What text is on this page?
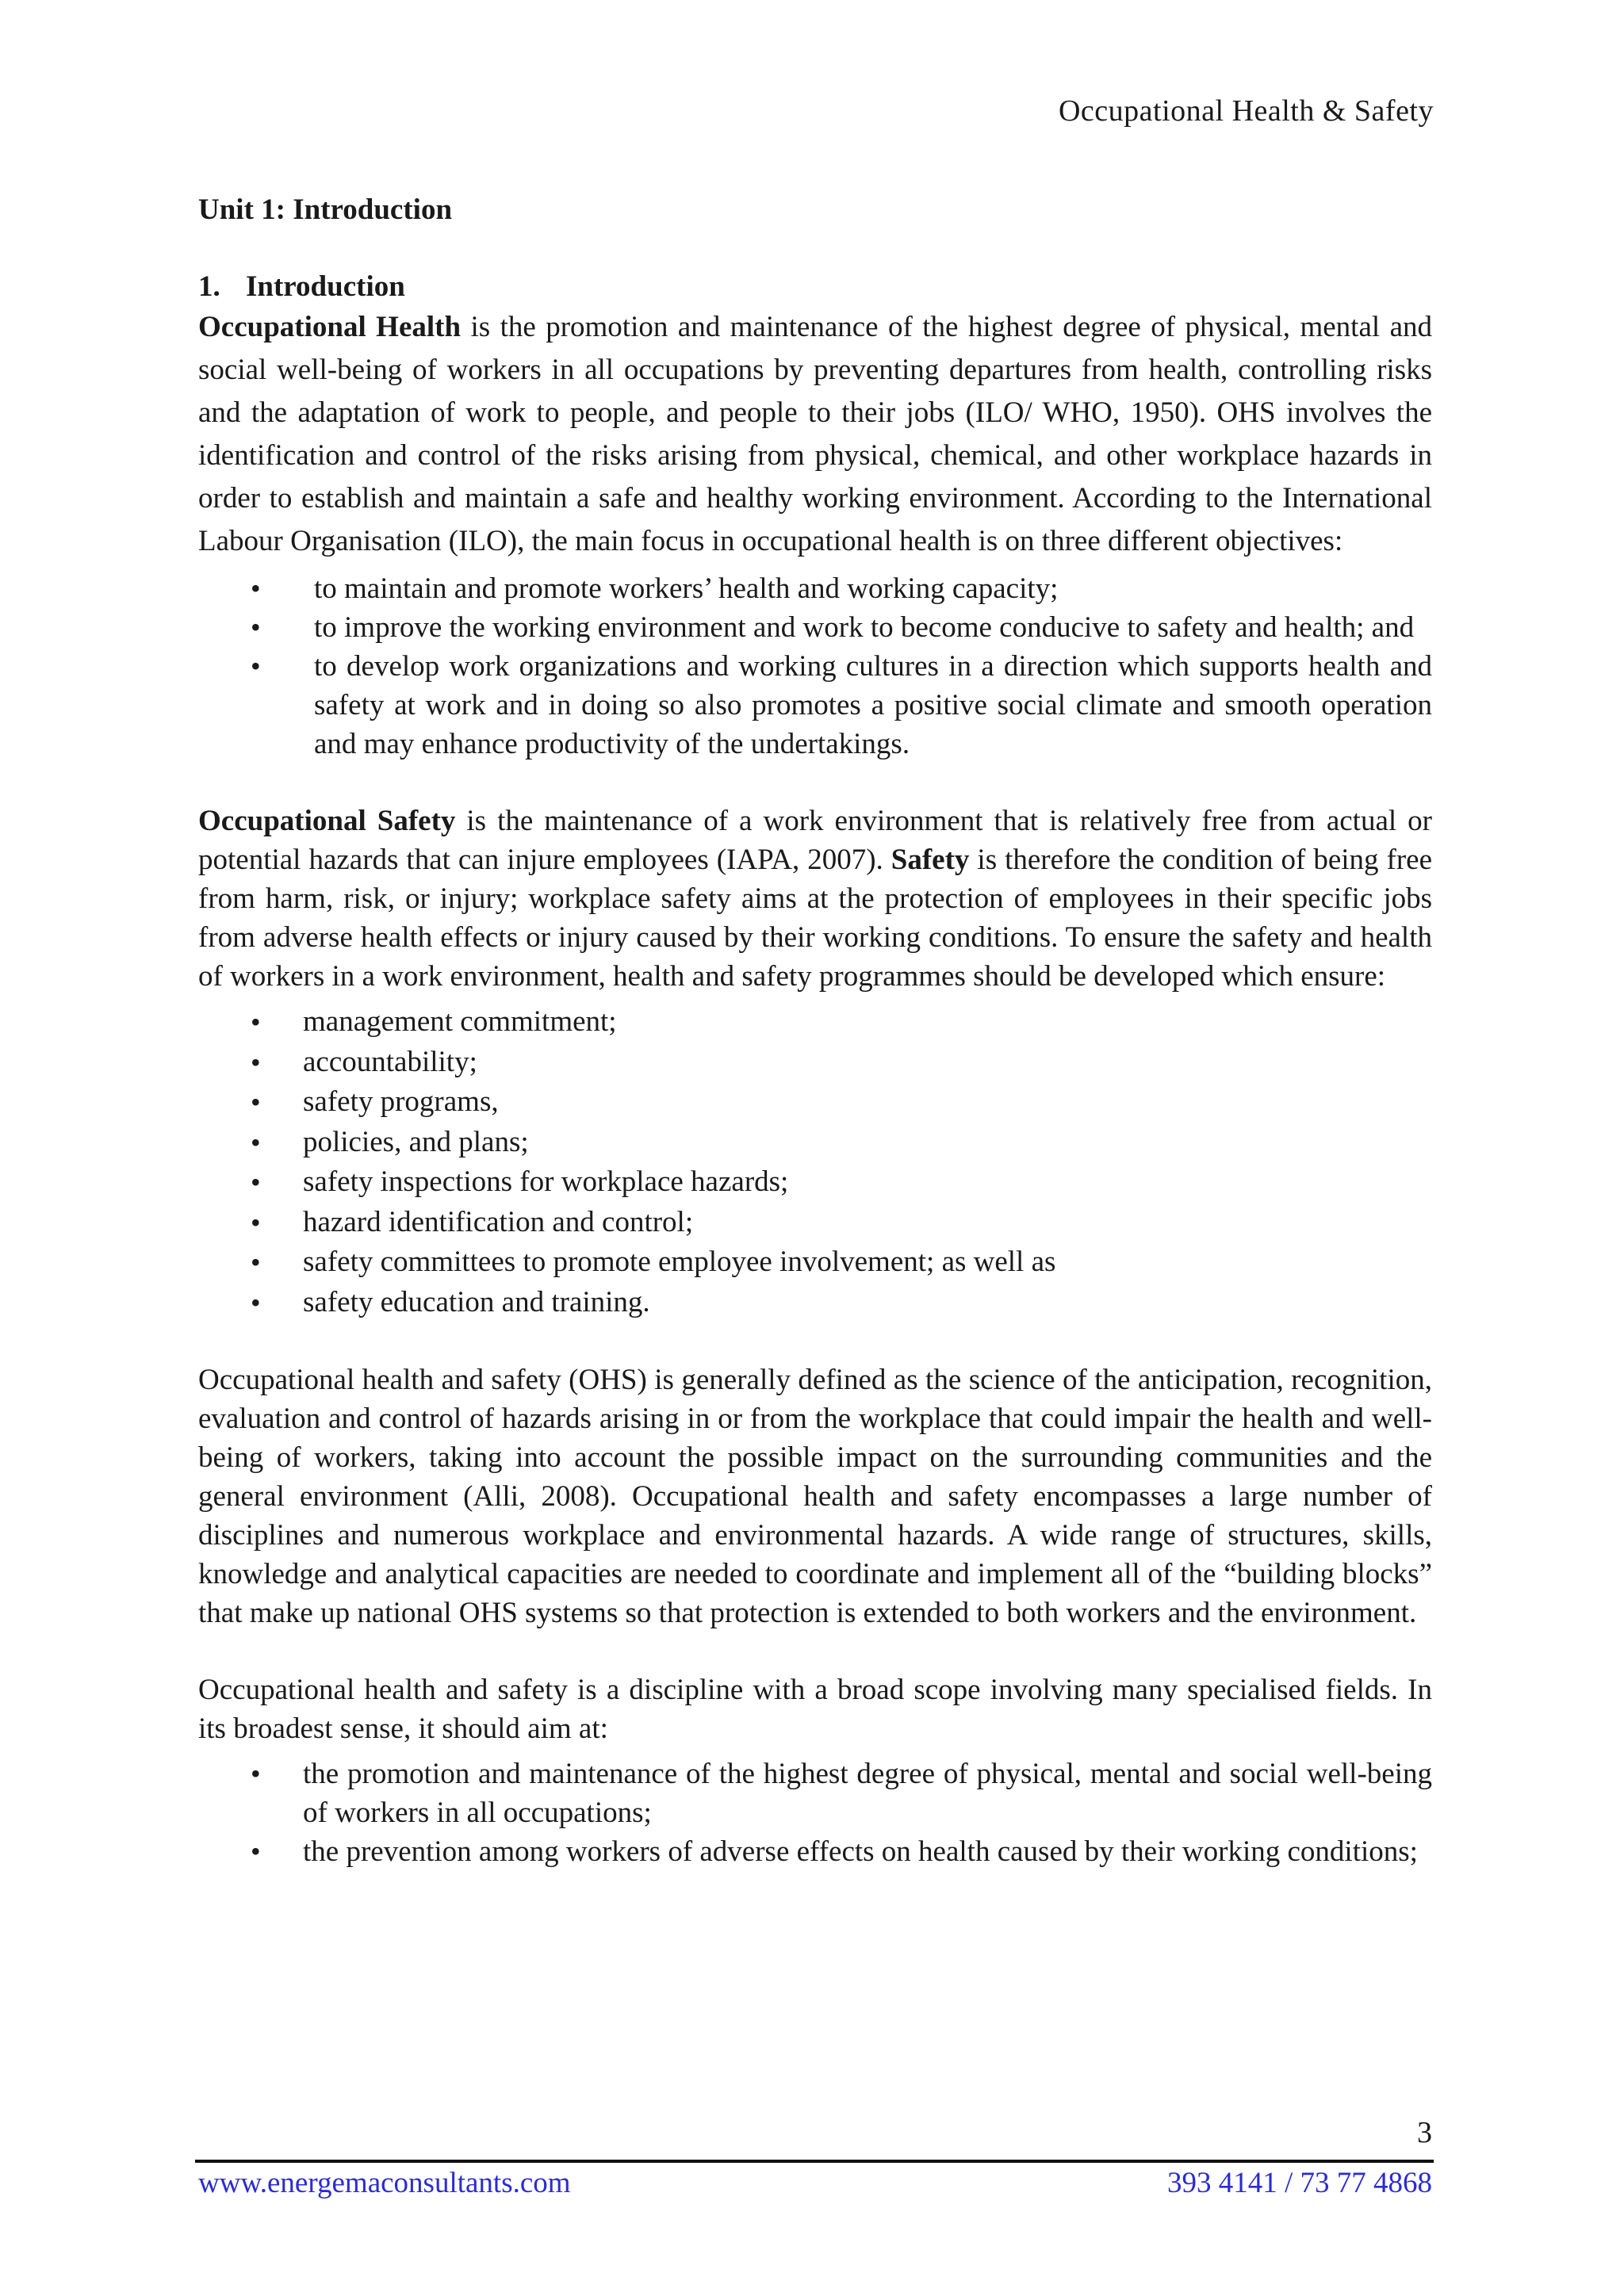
Occupational Health & Safety

Unit 1: Introduction

1. Introduction

Occupational Health is the promotion and maintenance of the highest degree of physical, mental and social well-being of workers in all occupations by preventing departures from health, controlling risks and the adaptation of work to people, and people to their jobs (ILO/ WHO, 1950). OHS involves the identification and control of the risks arising from physical, chemical, and other workplace hazards in order to establish and maintain a safe and healthy working environment. According to the International Labour Organisation (ILO), the main focus in occupational health is on three different objectives:

• to maintain and promote workers’ health and working capacity;
• to improve the working environment and work to become conducive to safety and health; and
• to develop work organizations and working cultures in a direction which supports health and safety at work and in doing so also promotes a positive social climate and smooth operation and may enhance productivity of the undertakings.

Occupational Safety is the maintenance of a work environment that is relatively free from actual or potential hazards that can injure employees (IAPA, 2007). Safety is therefore the condition of being free from harm, risk, or injury; workplace safety aims at the protection of employees in their specific jobs from adverse health effects or injury caused by their working conditions. To ensure the safety and health of workers in a work environment, health and safety programmes should be developed which ensure:

• management commitment;
• accountability;
• safety programs,
• policies, and plans;
• safety inspections for workplace hazards;
• hazard identification and control;
• safety committees to promote employee involvement; as well as
• safety education and training.

Occupational health and safety (OHS) is generally defined as the science of the anticipation, recognition, evaluation and control of hazards arising in or from the workplace that could impair the health and well-being of workers, taking into account the possible impact on the surrounding communities and the general environment (Alli, 2008). Occupational health and safety encompasses a large number of disciplines and numerous workplace and environmental hazards. A wide range of structures, skills, knowledge and analytical capacities are needed to coordinate and implement all of the “building blocks” that make up national OHS systems so that protection is extended to both workers and the environment.

Occupational health and safety is a discipline with a broad scope involving many specialised fields. In its broadest sense, it should aim at:

• the promotion and maintenance of the highest degree of physical, mental and social well-being of workers in all occupations;
• the prevention among workers of adverse effects on health caused by their working conditions;
3
www.energemaconsultants.com	393 4141 / 73 77 4868
